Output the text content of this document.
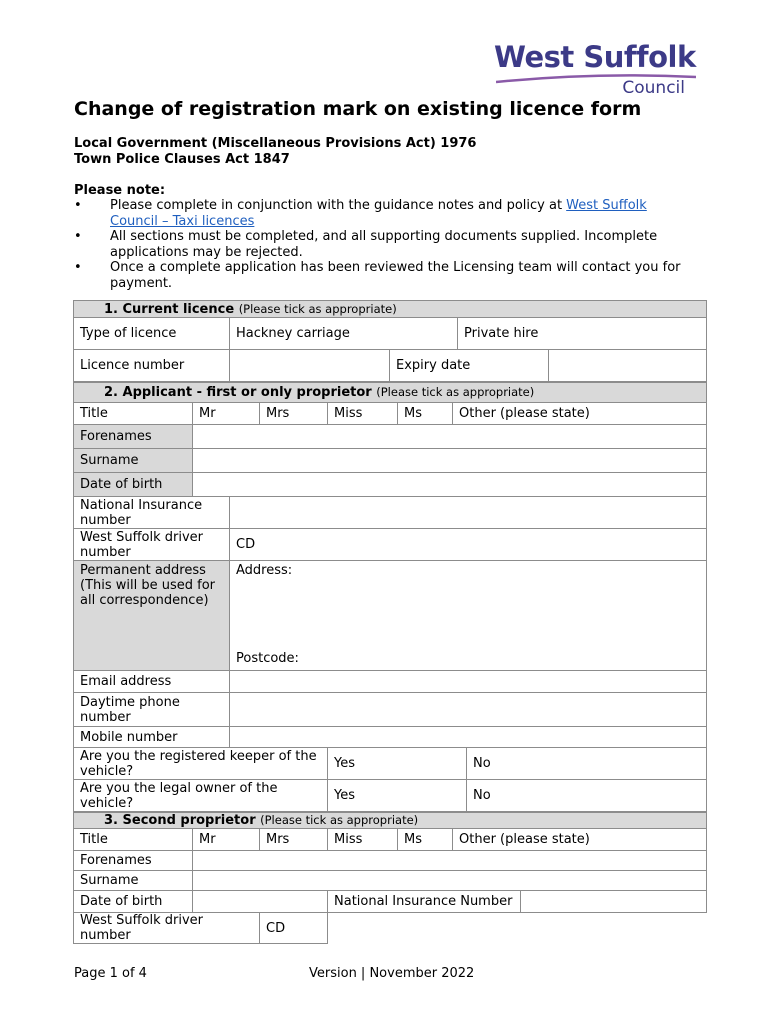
West Suffolk
Council
Change of registration mark on existing licence form
Local Government (Miscellaneous Provisions Act) 1976
Town Police Clauses Act 1847
Please note:
• Please complete in conjunction with the guidance notes and policy at West Suffolk Council – Taxi licences
• All sections must be completed, and all supporting documents supplied. Incomplete applications may be rejected.
• Once a complete application has been reviewed the Licensing team will contact you for payment.
1. Current licence (Please tick as appropriate)				
Type of licence	Hackney carriage		Private hire	
Licence number		Expiry date		
2. Applicant - first or only proprietor (Please tick as appropriate)							
Title	Mr		Mrs	Miss	Ms	Other (please state)	
Forenames							
Surname							
Date of birth							
National Insurance number							
West Suffolk driver number		CD					
Permanent address (This will be used for all correspondence)		Address:
Postcode:					

Email address							
Daytime phone number							
Mobile number							
Are you the registered keeper of the vehicle?				Yes			No
Are you the legal owner of the vehicle?				Yes			No
3. Second proprietor (Please tick as appropriate)						
Title	Mr	Mrs	Miss	Ms	Other (please state)	
Forenames						
Surname						
Date of birth			National Insurance Number			
West Suffolk driver number		CD				
Page 1 of 4	Version | November 2022
